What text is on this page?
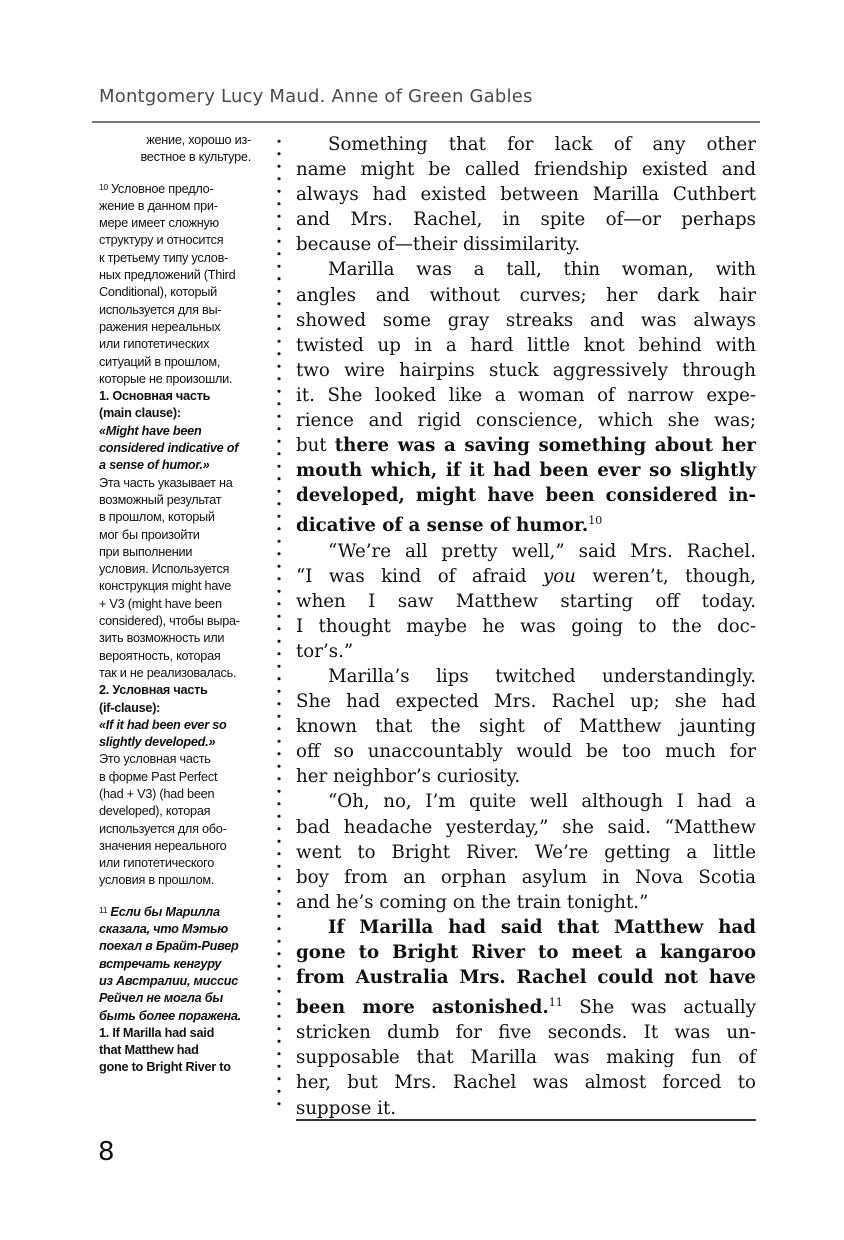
Montgomery Lucy Maud. Anne of Green Gables
жение, хорошо из-
вестное в культуре.
$^{10}$ Условное предло-
жение в данном при-
мере имеет сложную
структуру и относится
к третьему типу услов-
ных предложений (Third
Conditional), который
используется для вы-
ражения нереальных
или гипотетических
ситуаций в прошлом,
которые не произошли.
1. Основная часть
(main clause):
«Might have been
considered indicative of
a sense of humor.»
Эта часть указывает на
возможный результат
в прошлом, который
мог бы произойти
при выполнении
условия. Используется
конструкция might have
+ V3 (might have been
considered), чтобы выра-
зить возможность или
вероятность, которая
так и не реализовалась.
2. Условная часть
(if-clause):
«If it had been ever so
slightly developed.»
Это условная часть
в форме Past Perfect
(had + V3) (had been
developed), которая
используется для обо-
значения нереального
или гипотетического
условия в прошлом.
$^{11}$ Если бы Марилла
сказала, что Мэтью
поехал в Брайт-Ривер
встречать кенгуру
из Австралии, миссис
Рейчел не могла бы
быть более поражена.
1. If Marilla had said
that Matthew had
gone to Bright River to
Something that for lack of any other
name might be called friendship existed and
always had existed between Marilla Cuthbert
and Mrs. Rachel, in spite of—or perhaps
because of—their dissimilarity.
Marilla was a tall, thin woman, with
angles and without curves; her dark hair
showed some gray streaks and was always
twisted up in a hard little knot behind with
two wire hairpins stuck aggressively through
it. She looked like a woman of narrow expe-
rience and rigid conscience, which she was;
but there was a saving something about her
mouth which, if it had been ever so slightly
developed, might have been considered in-
dicative of a sense of humor.$^{10}$
“We’re all pretty well,” said Mrs. Rachel.
“I was kind of afraid you weren’t, though,
when I saw Matthew starting off today.
I thought maybe he was going to the doc-
tor’s.”
Marilla’s lips twitched understandingly.
She had expected Mrs. Rachel up; she had
known that the sight of Matthew jaunting
off so unaccountably would be too much for
her neighbor’s curiosity.
“Oh, no, I’m quite well although I had a
bad headache yesterday,” she said. “Matthew
went to Bright River. We’re getting a little
boy from an orphan asylum in Nova Scotia
and he’s coming on the train tonight.”
If Marilla had said that Matthew had
gone to Bright River to meet a kangaroo
from Australia Mrs. Rachel could not have
been more astonished.$^{11}$ She was actually
stricken dumb for five seconds. It was un-
supposable that Marilla was making fun of
her, but Mrs. Rachel was almost forced to
suppose it.
8
